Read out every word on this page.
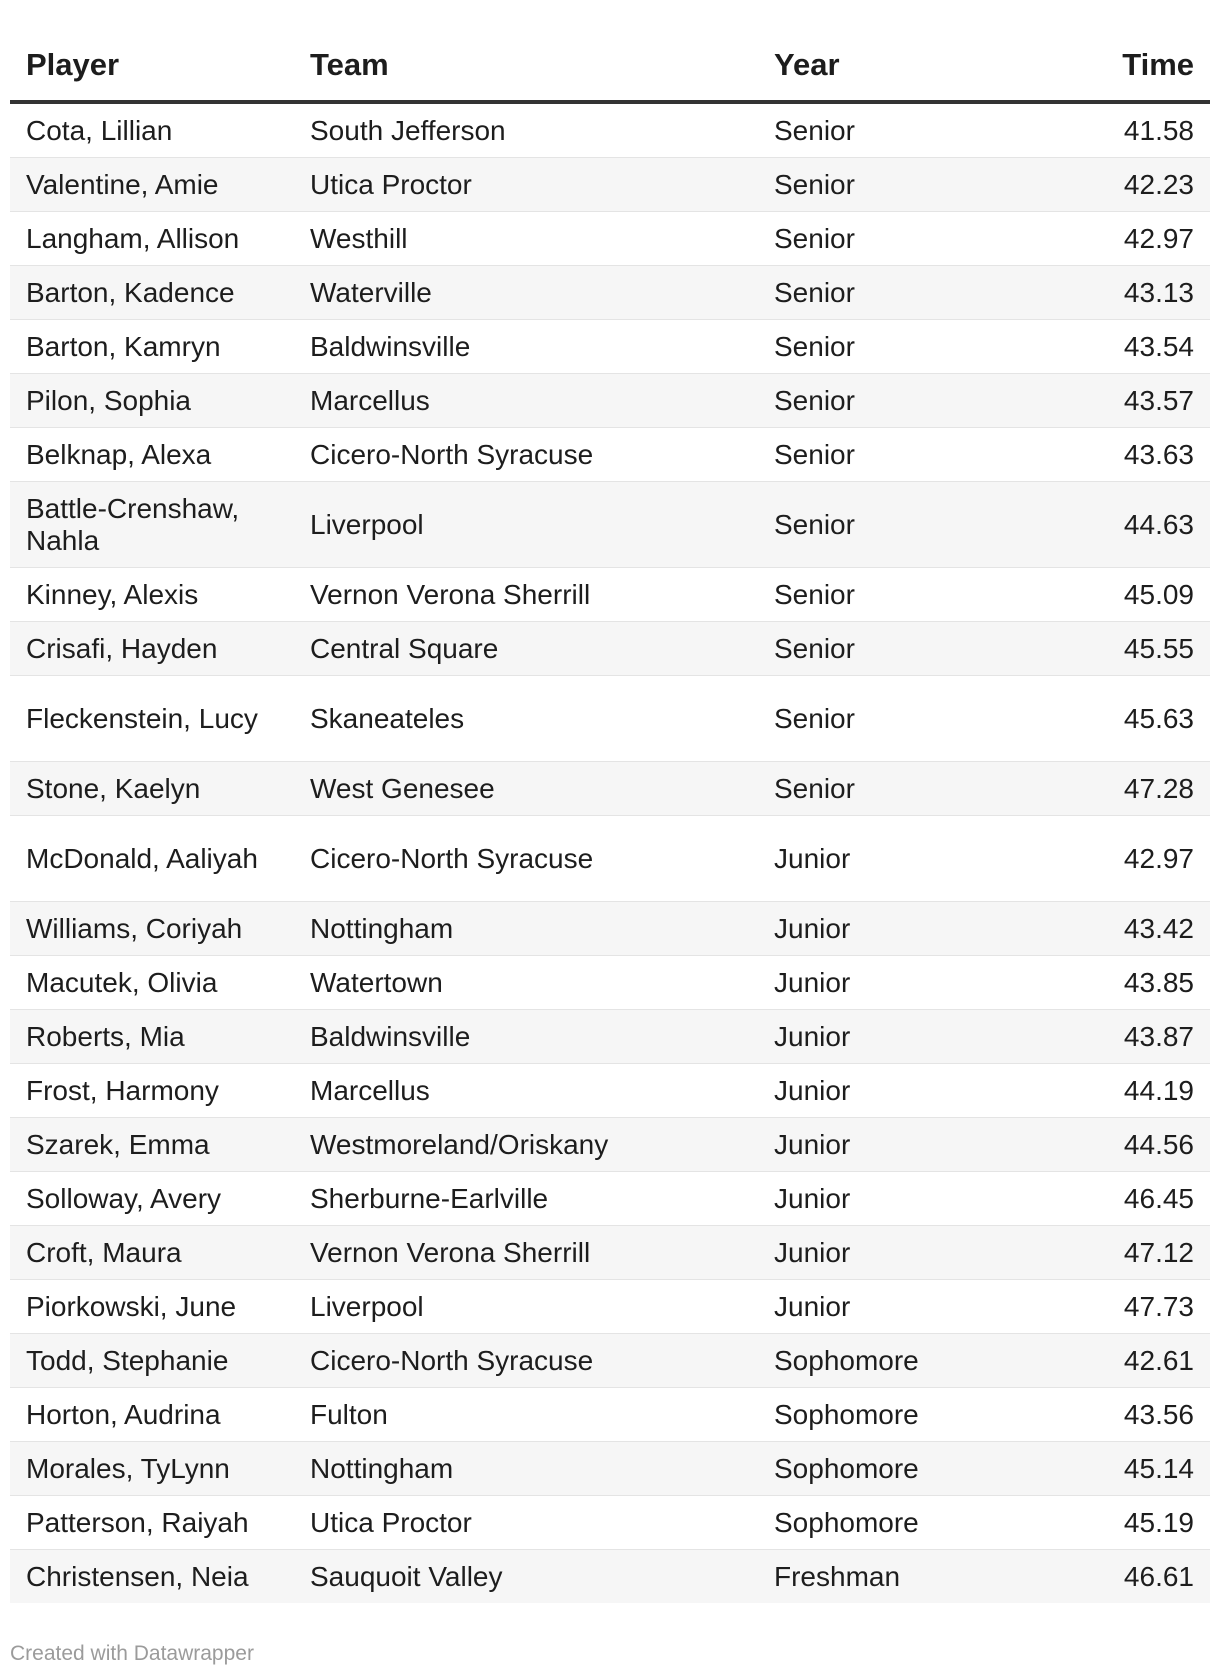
Player	Team	Year	Time
Cota, Lillian	South Jefferson	Senior	41.58
Valentine, Amie	Utica Proctor	Senior	42.23
Langham, Allison	Westhill	Senior	42.97
Barton, Kadence	Waterville	Senior	43.13
Barton, Kamryn	Baldwinsville	Senior	43.54
Pilon, Sophia	Marcellus	Senior	43.57
Belknap, Alexa	Cicero-North Syracuse	Senior	43.63
Battle-Crenshaw, Nahla	Liverpool	Senior	44.63
Kinney, Alexis	Vernon Verona Sherrill	Senior	45.09
Crisafi, Hayden	Central Square	Senior	45.55
Fleckenstein, Lucy	Skaneateles	Senior	45.63
Stone, Kaelyn	West Genesee	Senior	47.28
McDonald, Aaliyah	Cicero-North Syracuse	Junior	42.97
Williams, Coriyah	Nottingham	Junior	43.42
Macutek, Olivia	Watertown	Junior	43.85
Roberts, Mia	Baldwinsville	Junior	43.87
Frost, Harmony	Marcellus	Junior	44.19
Szarek, Emma	Westmoreland/Oriskany	Junior	44.56
Solloway, Avery	Sherburne-Earlville	Junior	46.45
Croft, Maura	Vernon Verona Sherrill	Junior	47.12
Piorkowski, June	Liverpool	Junior	47.73
Todd, Stephanie	Cicero-North Syracuse	Sophomore	42.61
Horton, Audrina	Fulton	Sophomore	43.56
Morales, TyLynn	Nottingham	Sophomore	45.14
Patterson, Raiyah	Utica Proctor	Sophomore	45.19
Christensen, Neia	Sauquoit Valley	Freshman	46.61
Created with Datawrapper
